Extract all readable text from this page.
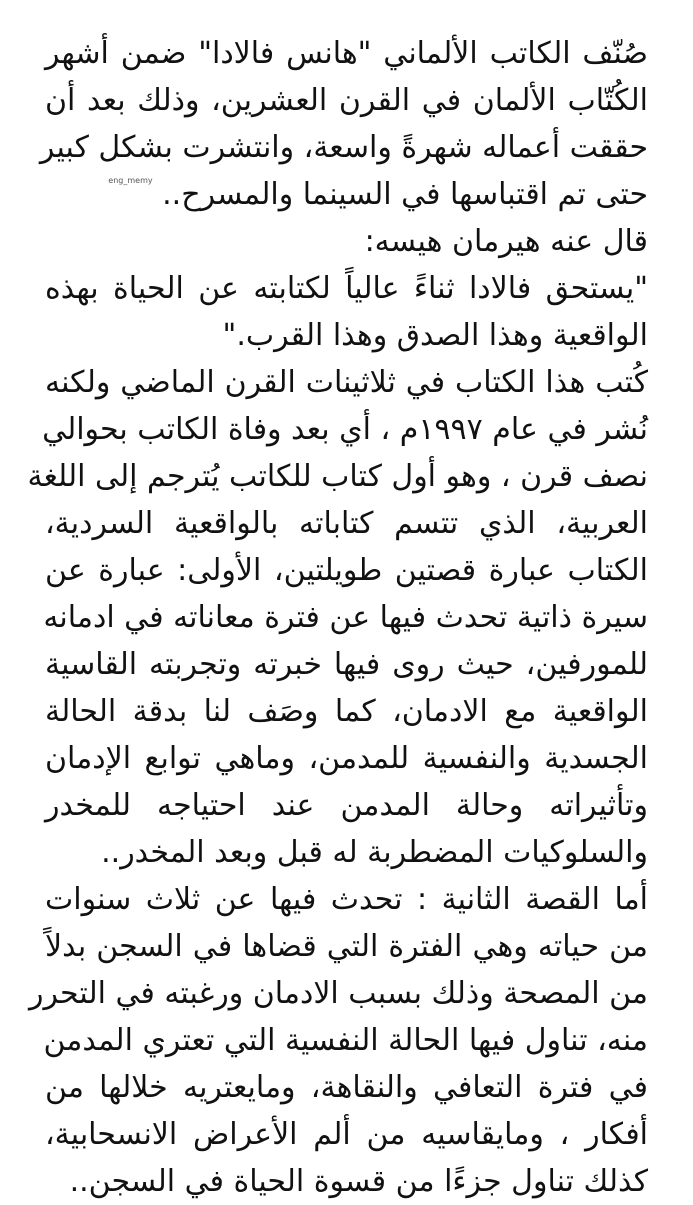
صُنّف الكاتب الألماني "هانس فالادا" ضمن أشهر
الكُتّاب الألمان في القرن العشرين، وذلك بعد أن
حققت أعماله شهرةً واسعة، وانتشرت بشكل كبير
حتى تم اقتباسها في السينما والمسرح.. eng_memy
قال عنه هيرمان هيسه:
"يستحق فالادا ثناءً عالياً لكتابته عن الحياة بهذه
الواقعية وهذا الصدق وهذا القرب."
كُتب هذا الكتاب في ثلاثينات القرن الماضي ولكنه
نُشر في عام ١٩٩٧م ، أي بعد وفاة الكاتب بحوالي
نصف قرن ، وهو أول كتاب للكاتب يُترجم إلى اللغة
العربية، الذي تتسم كتاباته بالواقعية السردية،
الكتاب عبارة قصتين طويلتين، الأولى: عبارة عن
سيرة ذاتية تحدث فيها عن فترة معاناته في ادمانه
للمورفين، حيث روى فيها خبرته وتجربته القاسية
الواقعية مع الادمان، كما وصَف لنا بدقة الحالة
الجسدية والنفسية للمدمن، وماهي توابع الإدمان
وتأثيراته وحالة المدمن عند احتياجه للمخدر
والسلوكيات المضطربة له قبل وبعد المخدر..
أما القصة الثانية : تحدث فيها عن ثلاث سنوات
من حياته وهي الفترة التي قضاها في السجن بدلاً
من المصحة وذلك بسبب الادمان ورغبته في التحرر
منه، تناول فيها الحالة النفسية التي تعتري المدمن
في فترة التعافي والنقاهة، ومايعتريه خلالها من
أفكار ، ومايقاسيه من ألم الأعراض الانسحابية،
كذلك تناول جزءًا من قسوة الحياة في السجن..
